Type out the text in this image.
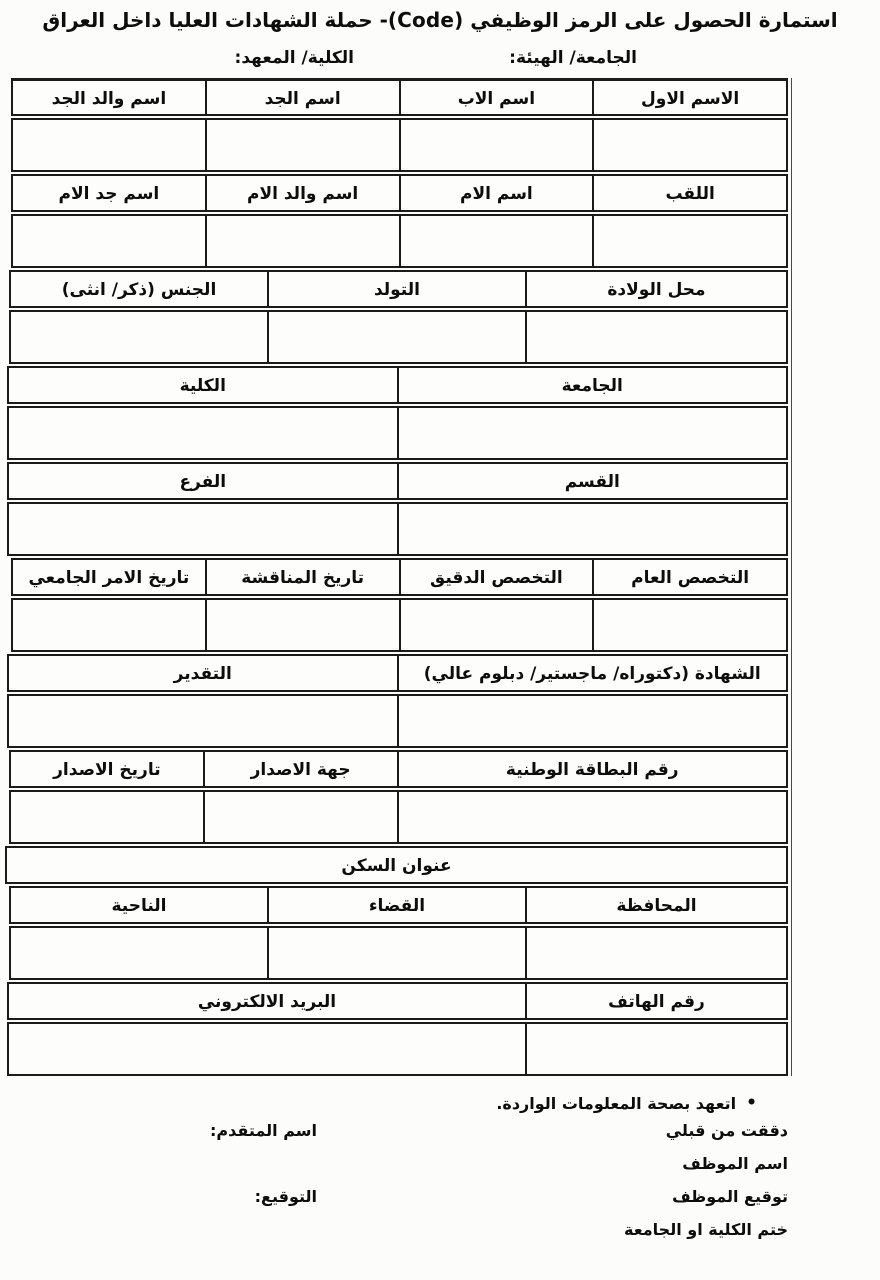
استمارة الحصول على الرمز الوظيفي (Code)- حملة الشهادات العليا داخل العراق
الجامعة/ الهيئة:
الكلية/ المعهد:
الاسم الاول
اسم الاب
اسم الجد
اسم والد الجد
اللقب
اسم الام
اسم والد الام
اسم جد الام
محل الولادة
التولد
الجنس (ذكر/ انثى)
الجامعة
الكلية
القسم
الفرع
التخصص العام
التخصص الدقيق
تاريخ المناقشة
تاريخ الامر الجامعي
الشهادة (دكتوراه/ ماجستير/ دبلوم عالي)
التقدير
رقم البطاقة الوطنية
جهة الاصدار
تاريخ الاصدار
عنوان السكن
المحافظة
القضاء
الناحية
رقم الهاتف
البريد الالكتروني
•
اتعهد بصحة المعلومات الواردة.
دققت من قبلي
اسم المتقدم:
اسم الموظف
توقيع الموظف
التوقيع:
ختم الكلية او الجامعة
